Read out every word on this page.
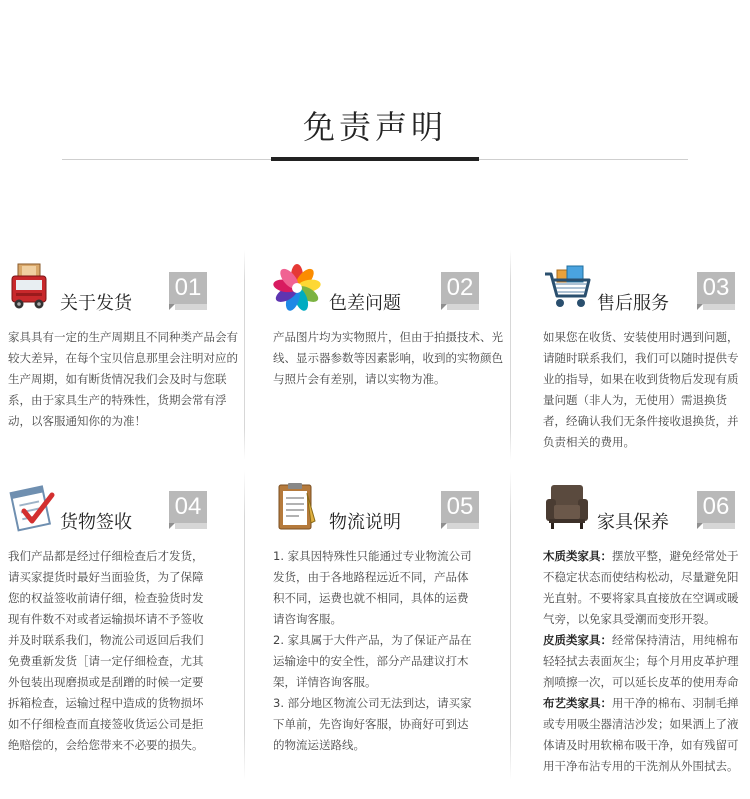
免责声明
关于发货
01

家具具有一定的生产周期且不同种类产品会有较大差异，在每个宝贝信息那里会注明对应的生产周期，如有断货情况我们会及时与您联系，由于家具生产的特殊性，货期会常有浮动，以客服通知你的为准！

色差问题
02

产品图片均为实物照片，但由于拍摄技术、光线、显示器参数等因素影响，收到的实物颜色与照片会有差别，请以实物为准。

售后服务
03

如果您在收货、安装使用时遇到问题，请随时联系我们，我们可以随时提供专业的指导，如果在收到货物后发现有质量问题（非人为，无使用）需退换货者，经确认我们无条件接收退换货，并负责相关的费用。

货物签收
04

我们产品都是经过仔细检查后才发货，请买家提货时最好当面验货，为了保障您的权益签收前请仔细，检查验货时发现有件数不对或者运输损坏请不予签收并及时联系我们，物流公司返回后我们免费重新发货［请一定仔细检查，尤其外包装出现磨损或是刮蹭的时候一定要拆箱检查，运输过程中造成的货物损坏如不仔细检查而直接签收货运公司是拒绝赔偿的，会给您带来不必要的损失。

物流说明
05

1. 家具因特殊性只能通过专业物流公司发货，由于各地路程远近不同，产品体积不同，运费也就不相同，具体的运费请咨询客服。

2. 家具属于大件产品，为了保证产品在运输途中的安全性，部分产品建议打木架，详情咨询客服。

3. 部分地区物流公司无法到达，请买家下单前，先咨询好客服，协商好可到达的物流运送路线。

家具保养
06

木质类家具：摆放平整，避免经常处于不稳定状态而使结构松动，尽量避免阳光直射。不要将家具直接放在空调或暖气旁，以免家具受潮而变形开裂。

皮质类家具：经常保持清洁，用纯棉布轻轻拭去表面灰尘；每个月用皮革护理剂喷擦一次，可以延长皮革的使用寿命

布艺类家具：用干净的棉布、羽制毛掸或专用吸尘器清洁沙发；如果洒上了液体请及时用软棉布吸干净，如有残留可用干净布沾专用的干洗剂从外围拭去。
